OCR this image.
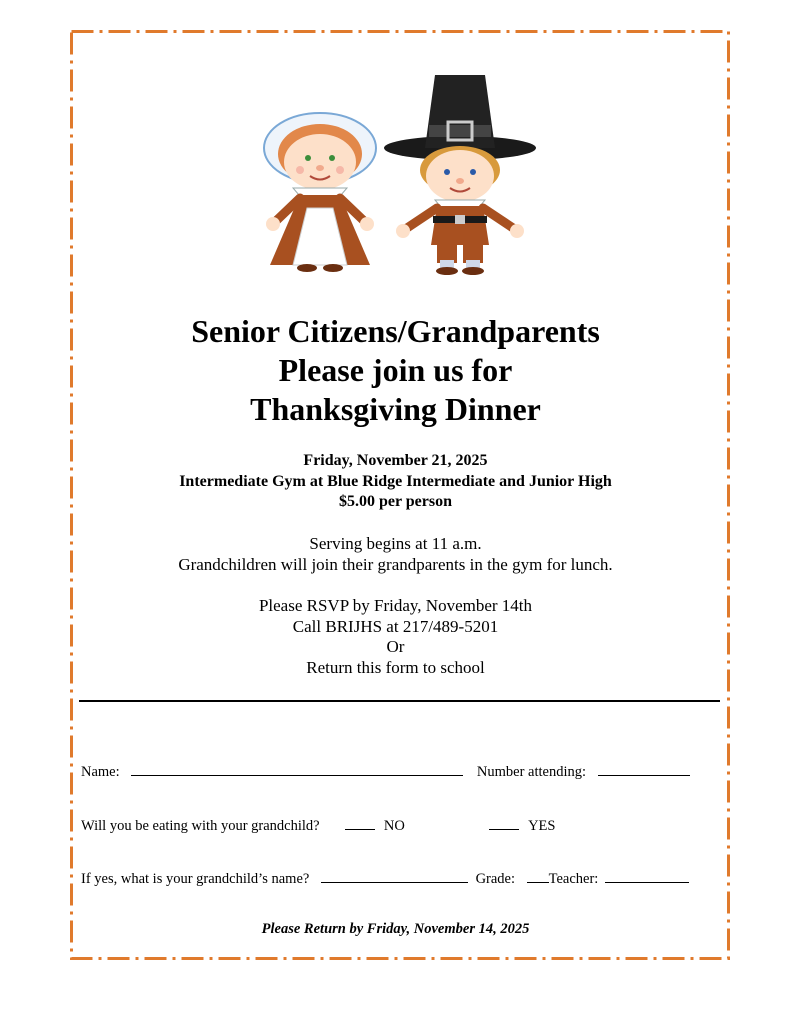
Senior Citizens/Grandparents
Please join us for
Thanksgiving Dinner
Friday, November 21, 2025
Intermediate Gym at Blue Ridge Intermediate and Junior High
$5.00 per person
Serving begins at 11 a.m.
Grandchildren will join their grandparents in the gym for lunch.
Please RSVP by Friday, November 14th
Call BRIJHS at 217/489-5201
Or
Return this form to school
Name:	Number attending:
Will you be eating with your grandchild?	NO	YES
If yes, what is your grandchild’s name?	Grade: Teacher:
Please Return by Friday, November 14, 2025
